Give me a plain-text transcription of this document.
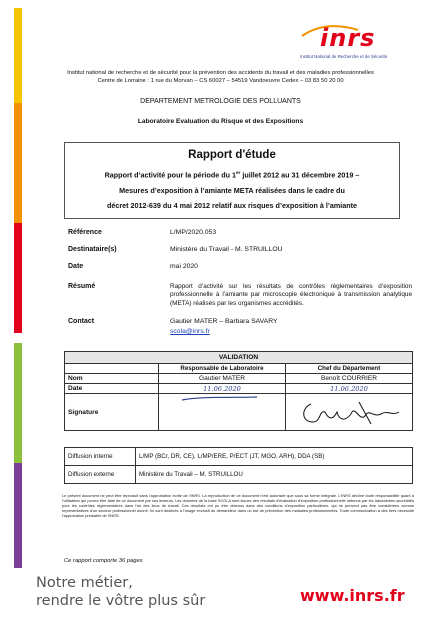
inrs
Institut National de Recherche et de Sécurité
Institut national de recherche et de sécurité pour la prévention des accidents du travail et des maladies professionnelles
Centre de Lorraine : 1 rue du Morvan – CS 60027 – 54519 Vandoeuvre Cedex – 03 83 50 20 00
DEPARTEMENT METROLOGIE DES POLLUANTS
Laboratoire Evaluation du Risque et des Expositions
Rapport d'étude
Rapport d’activité pour la période du 1er juillet 2012 au 31 décembre 2019 –
Mesures d’exposition à l’amiante META réalisées dans le cadre du
décret 2012-639 du 4 mai 2012 relatif aux risques d’exposition à l’amiante
Référence	L/MP/2020.053
Destinataire(s)	Ministère du Travail - M. STRUILLOU
Date	mai 2020
Résumé	Rapport d’activité sur les résultats de contrôles réglementaires d’exposition professionnelle à l’amiante par microscopie électronique à transmission analytique (META) réalisés par les organismes accrédités.
Contact	Gautier MATER – Barbara SAVARY
scola@inrs.fr
VALIDATION		
	Responsable de Laboratoire	Chef du Département
Nom	Gautier MATER	Benoît COURRIER
Date	11.06.2020	11.06.2020
Signature		
Diffusion interne	L/MP (BCr, DR, CE), L/MP/ERE, P/ECT (JT, MGO, ARH), DDA (SB)
Diffusion externe	Ministère du Travail – M. STRUILLOU
Le présent document ne peut être reproduit sans l'approbation écrite de l'INRS. La reproduction de ce document n'est autorisée que sous sa forme intégrale. L'INRS décline toute responsabilité quant à l'utilisation qui pourra être faite de ce document par ses lecteurs. Les données de la base SCOLA sont issues des résultats d'évaluation d'exposition professionnelle obtenus par les laboratoires accrédités pour les contrôles réglementaires dans l'air des lieux de travail. Ces résultats ont pu être obtenus dans des conditions d'exposition particulières, qui ne peuvent pas être considérées comme représentatives d'un secteur professionnel donné. Ils sont destinés à l'usage exclusif du demandeur dans un but de prévention des maladies professionnelles. Toute communication à des tiers nécessite l'approbation préalable de l'INRS.
Ce rapport comporte 36 pages
Notre métier,
rendre le vôtre plus sûr	www.inrs.fr
